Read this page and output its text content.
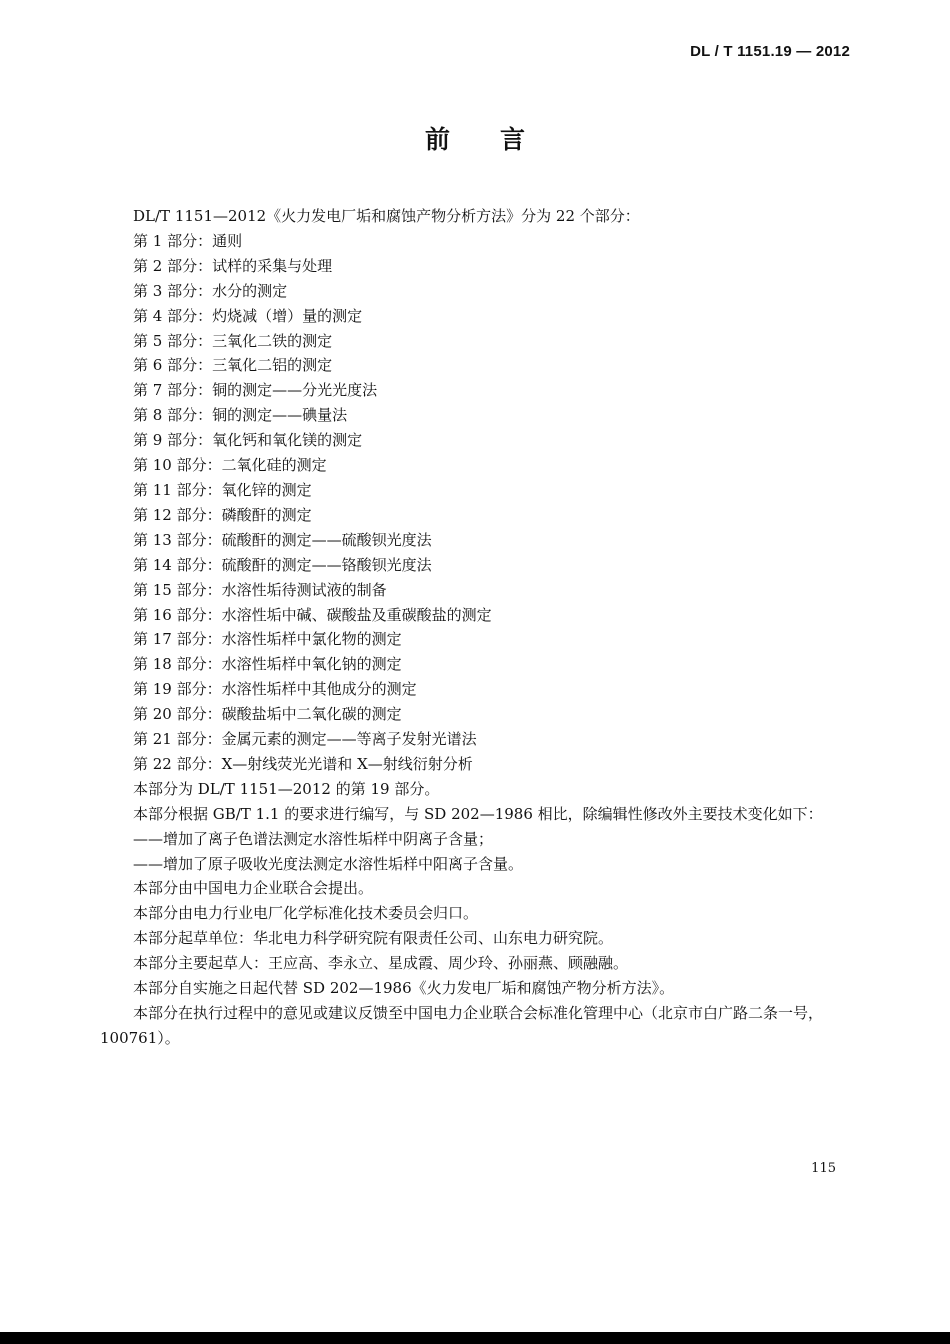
DL / T 1151.19 — 2012
前言
DL/T 1151—2012《火力发电厂垢和腐蚀产物分析方法》分为 22 个部分：
第 1 部分：通则
第 2 部分：试样的采集与处理
第 3 部分：水分的测定
第 4 部分：灼烧减（增）量的测定
第 5 部分：三氧化二铁的测定
第 6 部分：三氧化二铝的测定
第 7 部分：铜的测定——分光光度法
第 8 部分：铜的测定——碘量法
第 9 部分：氧化钙和氧化镁的测定
第 10 部分：二氧化硅的测定
第 11 部分：氧化锌的测定
第 12 部分：磷酸酐的测定
第 13 部分：硫酸酐的测定——硫酸钡光度法
第 14 部分：硫酸酐的测定——铬酸钡光度法
第 15 部分：水溶性垢待测试液的制备
第 16 部分：水溶性垢中碱、碳酸盐及重碳酸盐的测定
第 17 部分：水溶性垢样中氯化物的测定
第 18 部分：水溶性垢样中氧化钠的测定
第 19 部分：水溶性垢样中其他成分的测定
第 20 部分：碳酸盐垢中二氧化碳的测定
第 21 部分：金属元素的测定——等离子发射光谱法
第 22 部分：X—射线荧光光谱和 X—射线衍射分析
本部分为 DL/T 1151—2012 的第 19 部分。
本部分根据 GB/T 1.1 的要求进行编写，与 SD 202—1986 相比，除编辑性修改外主要技术变化如下：
——增加了离子色谱法测定水溶性垢样中阴离子含量；
——增加了原子吸收光度法测定水溶性垢样中阳离子含量。
本部分由中国电力企业联合会提出。
本部分由电力行业电厂化学标准化技术委员会归口。
本部分起草单位：华北电力科学研究院有限责任公司、山东电力研究院。
本部分主要起草人：王应高、李永立、星成霞、周少玲、孙丽燕、顾融融。
本部分自实施之日起代替 SD 202—1986《火力发电厂垢和腐蚀产物分析方法》。
本部分在执行过程中的意见或建议反馈至中国电力企业联合会标准化管理中心（北京市白广路二条一号，100761）。
115
